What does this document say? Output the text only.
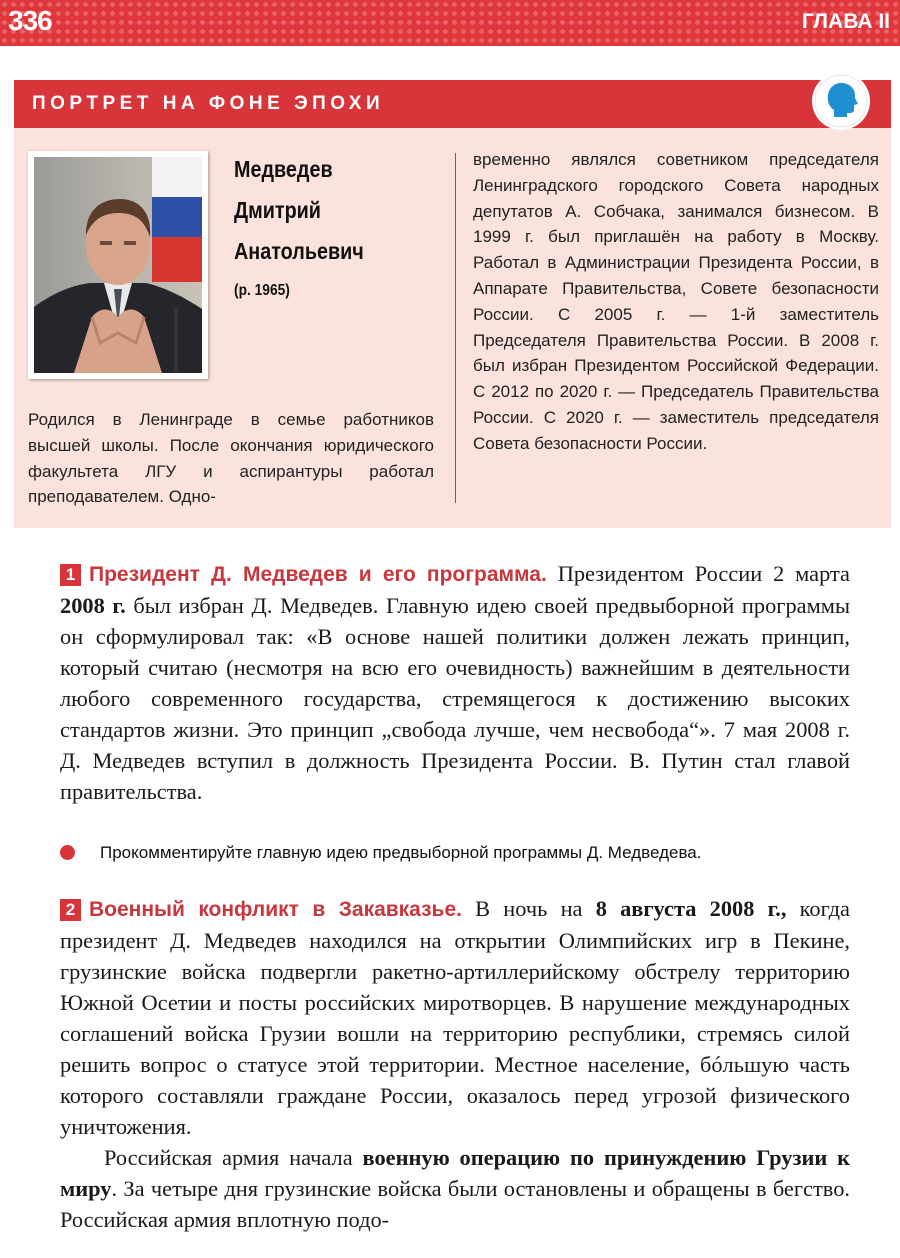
336	ГЛАВА II
ПОРТРЕТ НА ФОНЕ ЭПОХИ
Медведев
Дмитрий
Анатольевич
(р. 1965)
Родился в Ленинграде в семье работников высшей школы. После окончания юридического факультета ЛГУ и аспирантуры работал преподавателем. Одно-
временно являлся советником председателя Ленинградского городского Совета народных депутатов А. Собчака, занимался бизнесом. В 1999 г. был приглашён на работу в Москву. Работал в Администрации Президента России, в Аппарате Правительства, Совете безопасности России. С 2005 г. — 1-й заместитель Председателя Правительства России. В 2008 г. был избран Президентом Российской Федерации. С 2012 по 2020 г. — Председатель Правительства России. С 2020 г. — заместитель председателя Совета безопасности России.
1 Президент Д. Медведев и его программа. Президентом России 2 марта 2008 г. был избран Д. Медведев. Главную идею своей предвыборной программы он сформулировал так: «В основе нашей политики должен лежать принцип, который считаю (несмотря на всю его очевидность) важнейшим в деятельности любого современного государства, стремящегося к достижению высоких стандартов жизни. Это принцип „свобода лучше, чем несвобода“». 7 мая 2008 г. Д. Медведев вступил в должность Президента России. В. Путин стал главой правительства.
Прокомментируйте главную идею предвыборной программы Д. Медведева.
2 Военный конфликт в Закавказье. В ночь на 8 августа 2008 г., когда президент Д. Медведев находился на открытии Олимпийских игр в Пекине, грузинские войска подвергли ракетно-артиллерийскому обстрелу территорию Южной Осетии и посты российских миротворцев. В нарушение международных соглашений войска Грузии вошли на территорию республики, стремясь силой решить вопрос о статусе этой территории. Местное население, бóльшую часть которого составляли граждане России, оказалось перед угрозой физического уничтожения.

Российская армия начала военную операцию по принуждению Грузии к миру. За четыре дня грузинские войска были остановлены и обращены в бегство. Российская армия вплотную подо-
